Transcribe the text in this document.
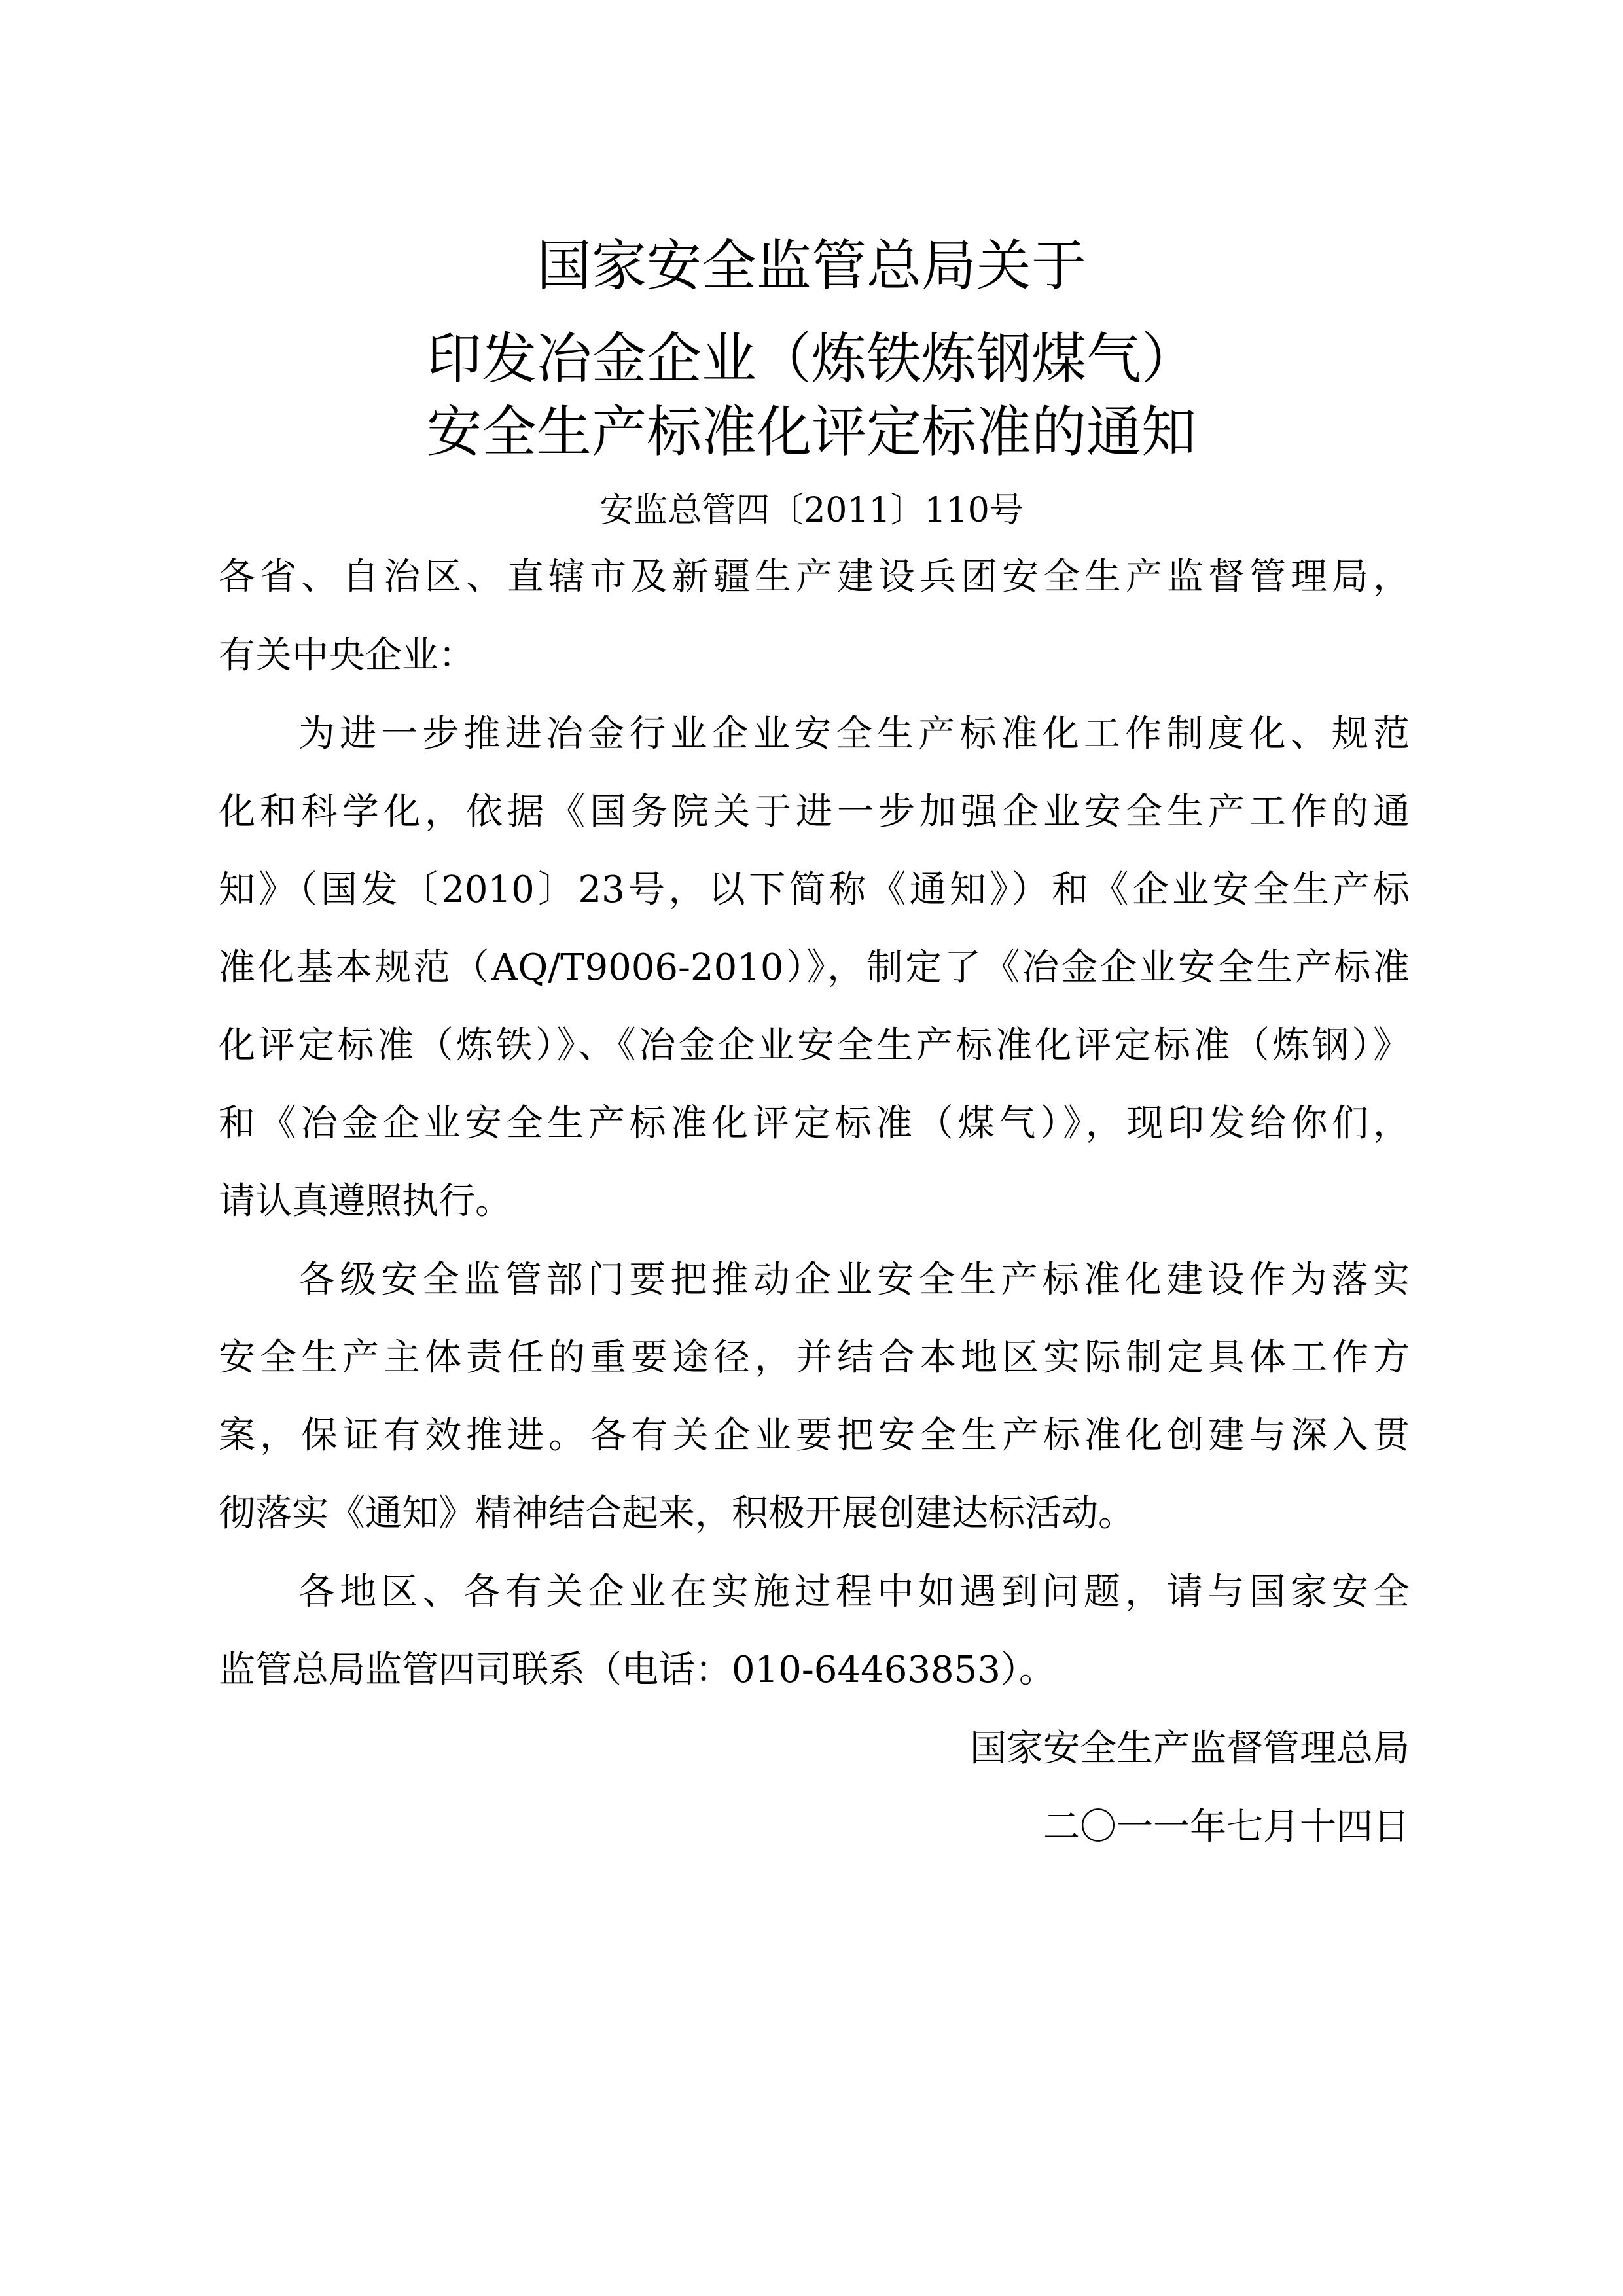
国家安全监管总局关于
印发冶金企业（炼铁炼钢煤气）
安全生产标准化评定标准的通知
安监总管四〔2011〕110号
各省、自治区、直辖市及新疆生产建设兵团安全生产监督管理局，
有关中央企业：
为进一步推进冶金行业企业安全生产标准化工作制度化、规范
化和科学化，依据《国务院关于进一步加强企业安全生产工作的通
知》（国发〔2010〕23号，以下简称《通知》）和《企业安全生产标
准化基本规范（AQ/T9006-2010）》，制定了《冶金企业安全生产标准
化评定标准（炼铁）》、《冶金企业安全生产标准化评定标准（炼钢）》
和《冶金企业安全生产标准化评定标准（煤气）》，现印发给你们，
请认真遵照执行。
各级安全监管部门要把推动企业安全生产标准化建设作为落实
安全生产主体责任的重要途径，并结合本地区实际制定具体工作方
案，保证有效推进。各有关企业要把安全生产标准化创建与深入贯
彻落实《通知》精神结合起来，积极开展创建达标活动。
各地区、各有关企业在实施过程中如遇到问题，请与国家安全
监管总局监管四司联系（电话：010-64463853）。
国家安全生产监督管理总局
二〇一一年七月十四日
